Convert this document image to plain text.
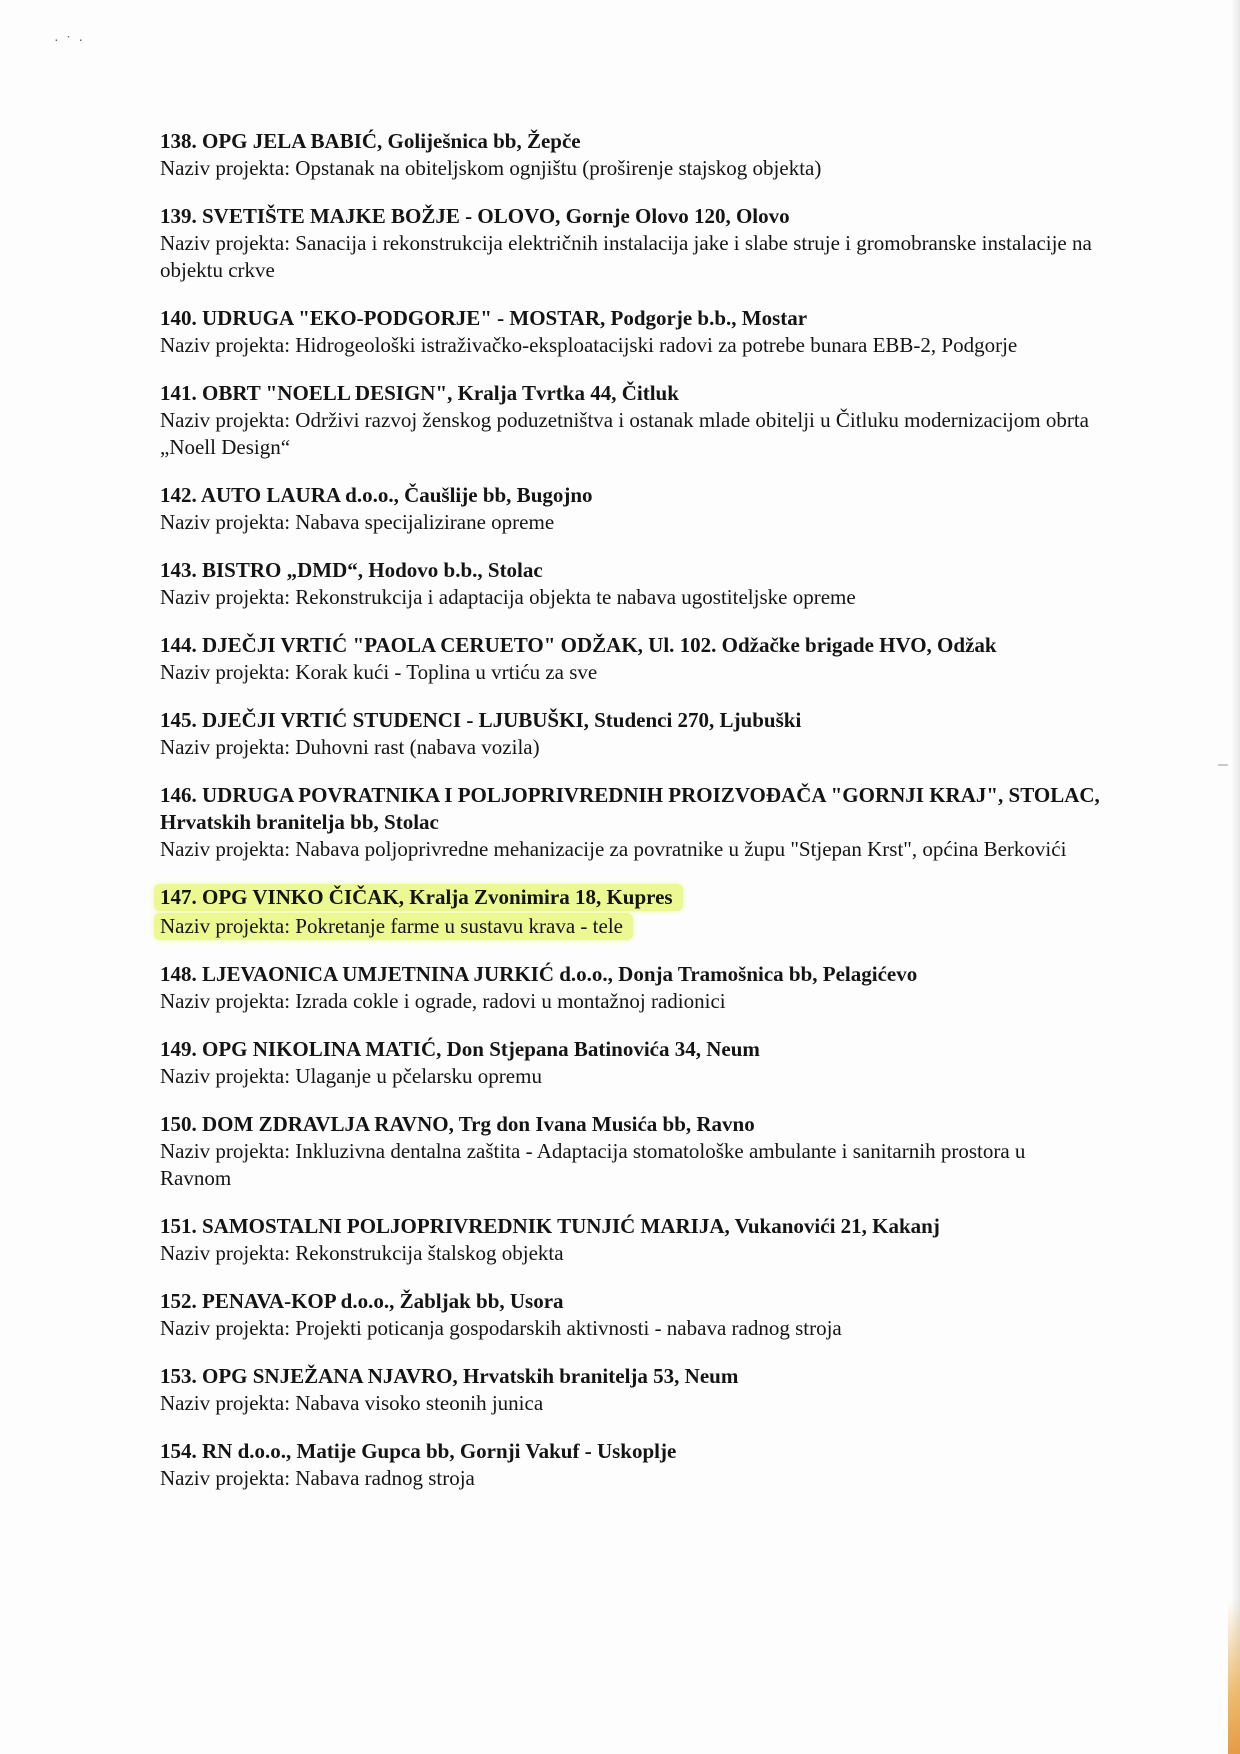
· ˙ ·
138. OPG JELA BABIĆ, Goliješnica bb, Žepče
Naziv projekta: Opstanak na obiteljskom ognjištu (proširenje stajskog objekta)
139. SVETIŠTE MAJKE BOŽJE - OLOVO, Gornje Olovo 120, Olovo
Naziv projekta: Sanacija i rekonstrukcija električnih instalacija jake i slabe struje i gromobranske instalacije na objektu crkve
140. UDRUGA "EKO-PODGORJE" - MOSTAR, Podgorje b.b., Mostar
Naziv projekta: Hidrogeološki istraživačko-eksploatacijski radovi za potrebe bunara EBB-2, Podgorje
141. OBRT "NOELL DESIGN", Kralja Tvrtka 44, Čitluk
Naziv projekta: Održivi razvoj ženskog poduzetništva i ostanak mlade obitelji u Čitluku modernizacijom obrta „Noell Design“
142. AUTO LAURA d.o.o., Čaušlije bb, Bugojno
Naziv projekta: Nabava specijalizirane opreme
143. BISTRO „DMD“, Hodovo b.b., Stolac
Naziv projekta: Rekonstrukcija i adaptacija objekta te nabava ugostiteljske opreme
144. DJEČJI VRTIĆ "PAOLA CERUETO" ODŽAK, Ul. 102. Odžačke brigade HVO, Odžak
Naziv projekta: Korak kući - Toplina u vrtiću za sve
145. DJEČJI VRTIĆ STUDENCI - LJUBUŠKI, Studenci 270, Ljubuški
Naziv projekta: Duhovni rast (nabava vozila)
146. UDRUGA POVRATNIKA I POLJOPRIVREDNIH PROIZVOĐAČA "GORNJI KRAJ", STOLAC, Hrvatskih branitelja bb, Stolac
Naziv projekta: Nabava poljoprivredne mehanizacije za povratnike u župu "Stjepan Krst", općina Berkovići
147. OPG VINKO ČIČAK, Kralja Zvonimira 18, Kupres
Naziv projekta: Pokretanje farme u sustavu krava - tele
148. LJEVAONICA UMJETNINA JURKIĆ d.o.o., Donja Tramošnica bb, Pelagićevo
Naziv projekta: Izrada cokle i ograde, radovi u montažnoj radionici
149. OPG NIKOLINA MATIĆ, Don Stjepana Batinovića 34, Neum
Naziv projekta: Ulaganje u pčelarsku opremu
150. DOM ZDRAVLJA RAVNO, Trg don Ivana Musića bb, Ravno
Naziv projekta: Inkluzivna dentalna zaštita - Adaptacija stomatološke ambulante i sanitarnih prostora u Ravnom
151. SAMOSTALNI POLJOPRIVREDNIK TUNJIĆ MARIJA, Vukanovići 21, Kakanj
Naziv projekta: Rekonstrukcija štalskog objekta
152. PENAVA-KOP d.o.o., Žabljak bb, Usora
Naziv projekta: Projekti poticanja gospodarskih aktivnosti - nabava radnog stroja
153. OPG SNJEŽANA NJAVRO, Hrvatskih branitelja 53, Neum
Naziv projekta: Nabava visoko steonih junica
154. RN d.o.o., Matije Gupca bb, Gornji Vakuf - Uskoplje
Naziv projekta: Nabava radnog stroja
